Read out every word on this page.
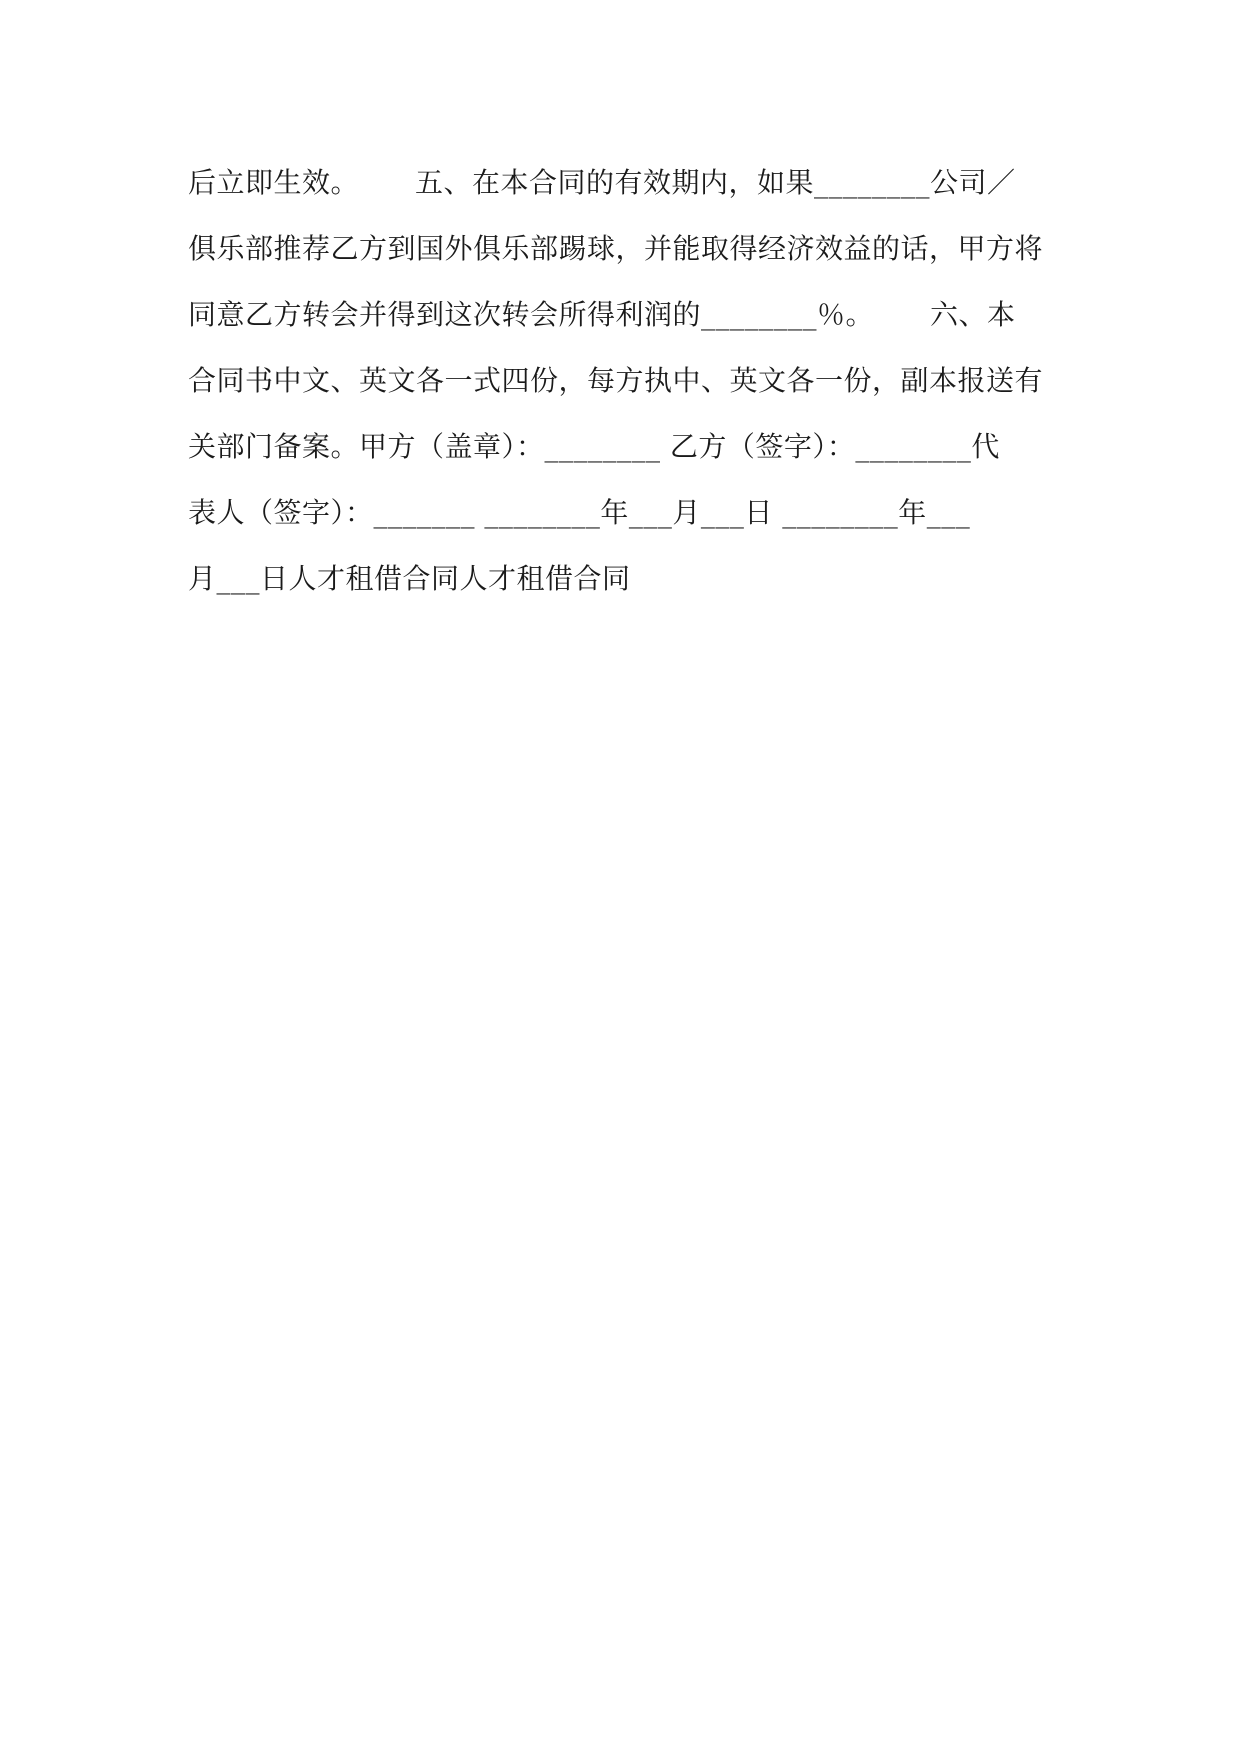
后立即生效。 五、在本合同的有效期内，如果________公司／
俱乐部推荐乙方到国外俱乐部踢球，并能取得经济效益的话，甲方将
同意乙方转会并得到这次转会所得利润的________％。 六、本
合同书中文、英文各一式四份，每方执中、英文各一份，副本报送有
关部门备案。甲方（盖章）：________ 乙方（签字）：________代
表人（签字）：_______ ________年___月___日 ________年___
月___日人才租借合同人才租借合同
